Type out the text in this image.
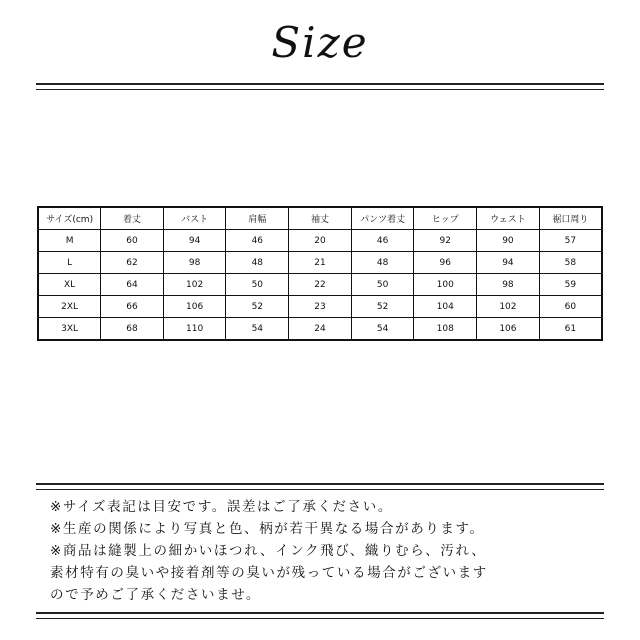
Size
サイズ(cm)	着丈	バスト	肩幅	袖丈	パンツ着丈	ヒップ	ウェスト	裾口周り
M	60	94	46	20	46	92	90	57
L	62	98	48	21	48	96	94	58
XL	64	102	50	22	50	100	98	59
2XL	66	106	52	23	52	104	102	60
3XL	68	110	54	24	54	108	106	61
※サイズ表記は目安です。誤差はご了承ください。
※生産の関係により写真と色、柄が若干異なる場合があります。
※商品は縫製上の細かいほつれ、インク飛び、織りむら、汚れ、
素材特有の臭いや接着剤等の臭いが残っている場合がございます
ので予めご了承くださいませ。
